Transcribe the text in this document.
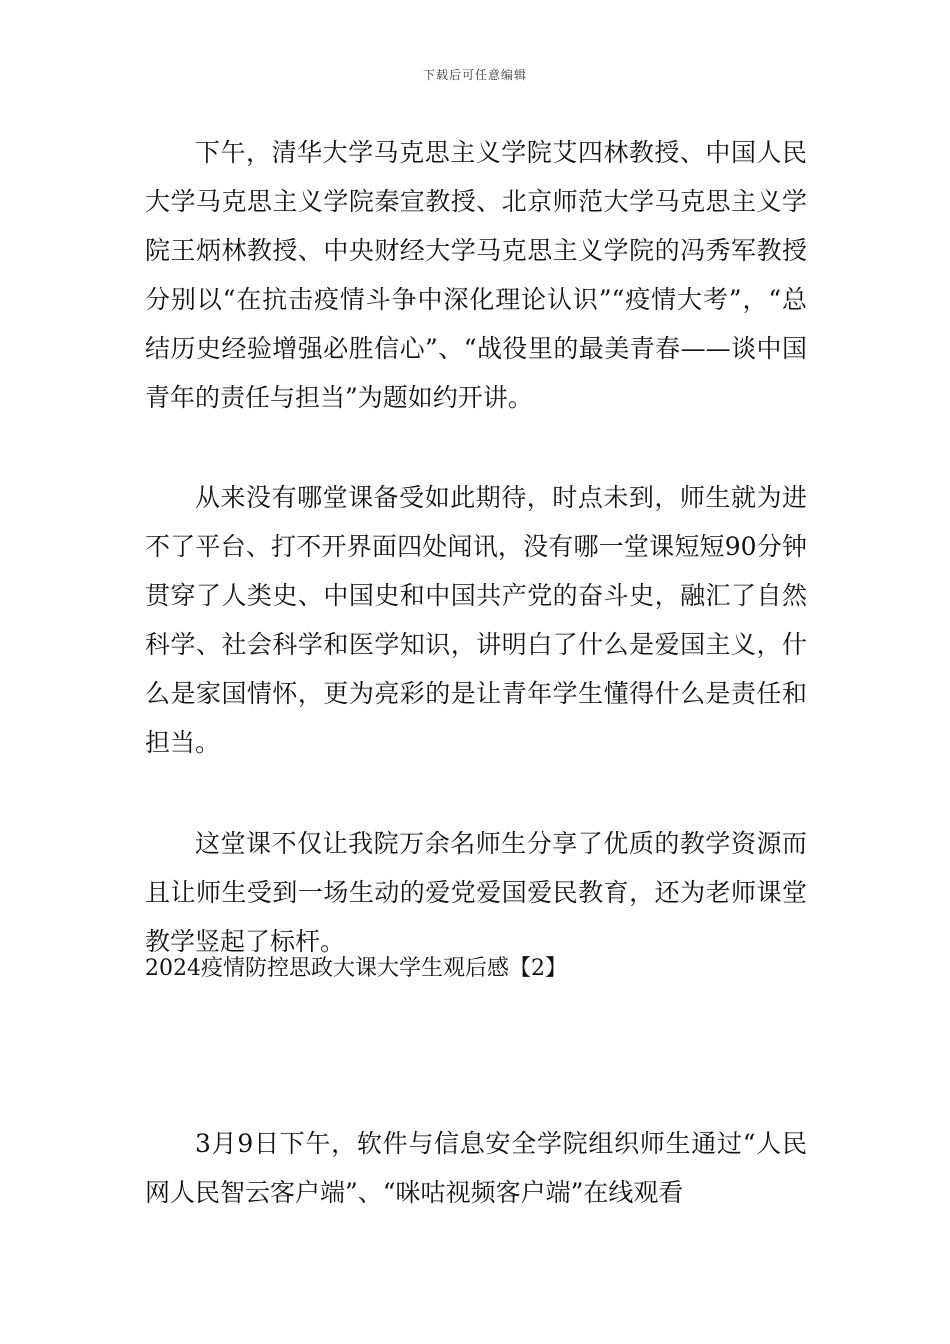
下载后可任意编辑

下午，清华大学马克思主义学院艾四林教授、中国人民大学马克思主义学院秦宣教授、北京师范大学马克思主义学院王炳林教授、中央财经大学马克思主义学院的冯秀军教授分别以“在抗击疫情斗争中深化理论认识”“疫情大考”，“总结历史经验增强必胜信心”、“战役里的最美青春——谈中国青年的责任与担当”为题如约开讲。

从来没有哪堂课备受如此期待，时点未到，师生就为进不了平台、打不开界面四处闻讯，没有哪一堂课短短90分钟贯穿了人类史、中国史和中国共产党的奋斗史，融汇了自然科学、社会科学和医学知识，讲明白了什么是爱国主义，什么是家国情怀，更为亮彩的是让青年学生懂得什么是责任和担当。

这堂课不仅让我院万余名师生分享了优质的教学资源而且让师生受到一场生动的爱党爱国爱民教育，还为老师课堂教学竖起了标杆。

2024疫情防控思政大课大学生观后感【2】

3月9日下午，软件与信息安全学院组织师生通过“人民网人民智云客户端”、“咪咕视频客户端”在线观看
